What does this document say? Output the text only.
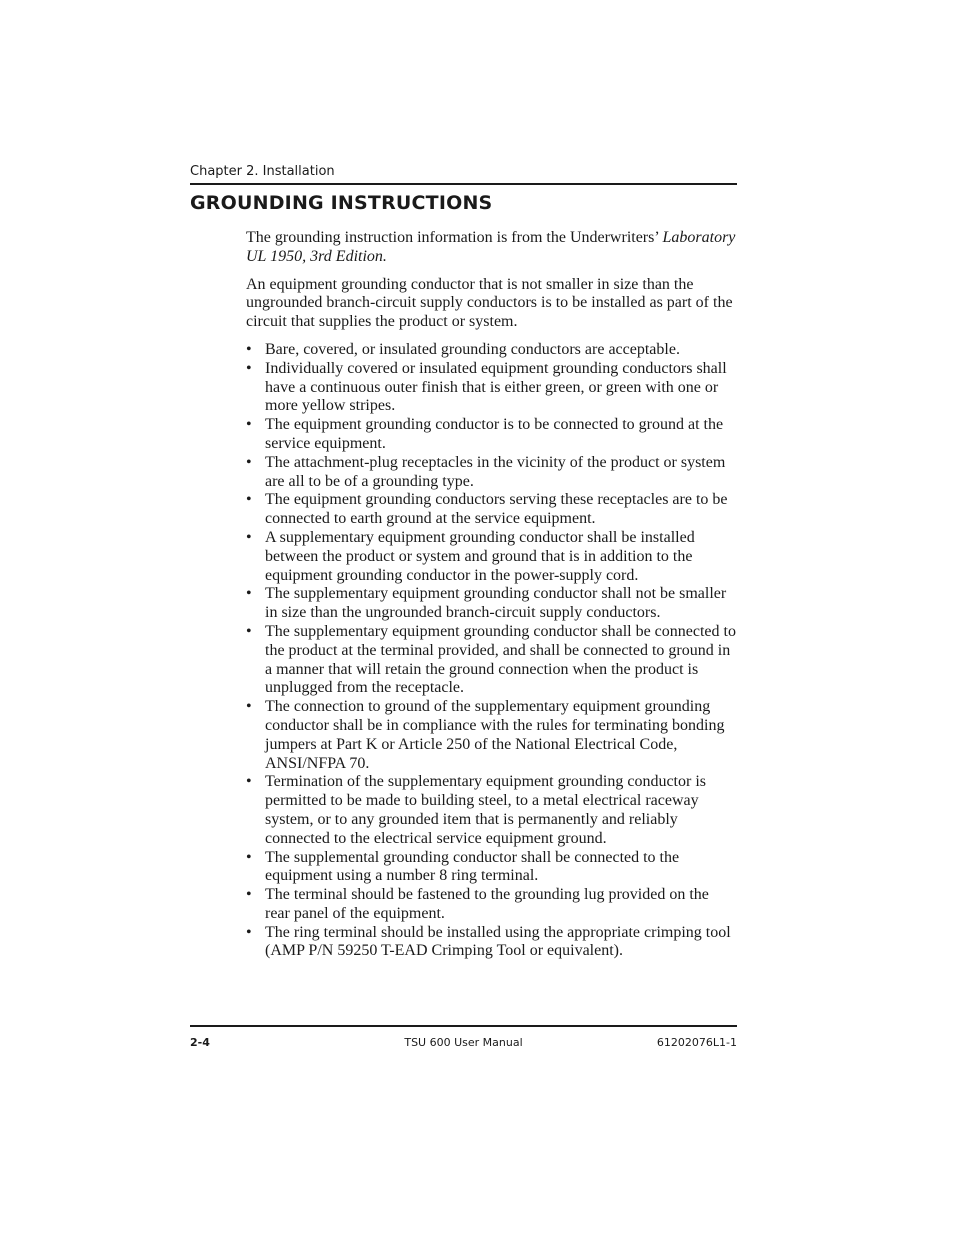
Chapter 2. Installation
GROUNDING INSTRUCTIONS

The grounding instruction information is from the Underwriters’ Laboratory UL 1950, 3rd Edition.

An equipment grounding conductor that is not smaller in size than the ungrounded branch-circuit supply conductors is to be installed as part of the circuit that supplies the product or system.

• Bare, covered, or insulated grounding conductors are acceptable.
• Individually covered or insulated equipment grounding conductors shall have a continuous outer finish that is either green, or green with one or more yellow stripes.
• The equipment grounding conductor is to be connected to ground at the service equipment.
• The attachment-plug receptacles in the vicinity of the product or system are all to be of a grounding type.
• The equipment grounding conductors serving these receptacles are to be connected to earth ground at the service equipment.
• A supplementary equipment grounding conductor shall be installed between the product or system and ground that is in addition to the equipment grounding conductor in the power-supply cord.
• The supplementary equipment grounding conductor shall not be smaller in size than the ungrounded branch-circuit supply conductors.
• The supplementary equipment grounding conductor shall be connected to the product at the terminal provided, and shall be connected to ground in a manner that will retain the ground connection when the product is unplugged from the receptacle.
• The connection to ground of the supplementary equipment grounding conductor shall be in compliance with the rules for terminating bonding jumpers at Part K or Article 250 of the National Electrical Code, ANSI/NFPA 70.
• Termination of the supplementary equipment grounding conductor is permitted to be made to building steel, to a metal electrical raceway system, or to any grounded item that is permanently and reliably connected to the electrical service equipment ground.
• The supplemental grounding conductor shall be connected to the equipment using a number 8 ring terminal.
• The terminal should be fastened to the grounding lug provided on the rear panel of the equipment.
• The ring terminal should be installed using the appropriate crimping tool (AMP P/N 59250 T-EAD Crimping Tool or equivalent).
TSU 600 User Manual
2-4	61202076L1-1
